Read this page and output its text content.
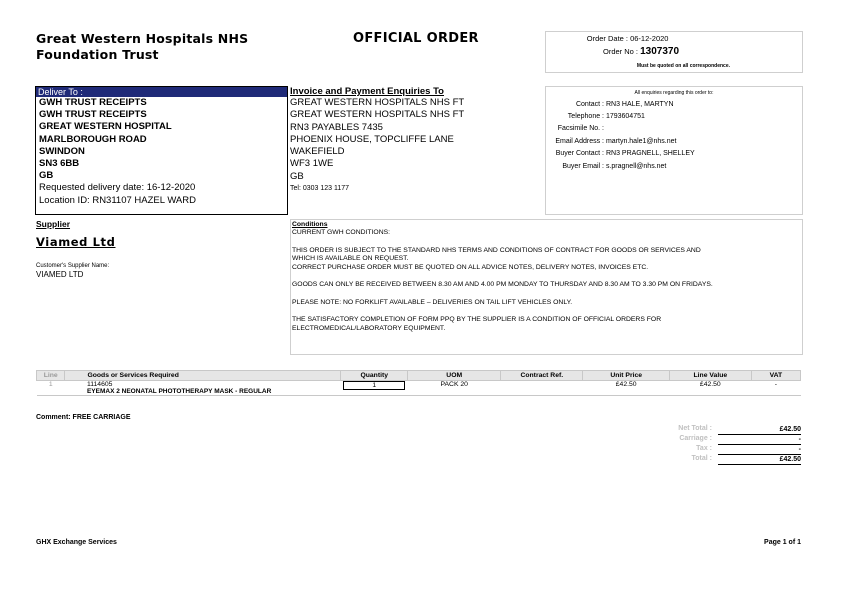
Great Western Hospitals NHS
Foundation Trust
OFFICIAL ORDER	Order Date : 06-12-2020
Order No : 1307370
Must be quoted on all correspondence.
Deliver To :
GWH TRUST RECEIPTS
GWH TRUST RECEIPTS
GREAT WESTERN HOSPITAL
MARLBOROUGH ROAD
SWINDON
SN3 6BB
GB
Requested delivery date: 16-12-2020
Location ID: RN31107 HAZEL WARD
Invoice and Payment Enquiries To
GREAT WESTERN HOSPITALS NHS FT
GREAT WESTERN HOSPITALS NHS FT
RN3 PAYABLES 7435
PHOENIX HOUSE, TOPCLIFFE LANE
WAKEFIELD
WF3 1WE
GB
Tel: 0303 123 1177
All enquiries regarding this order to:
Contact : RN3 HALE, MARTYN
Telephone : 1793604751
Facsimile No. :
Email Address : martyn.hale1@nhs.net
Buyer Contact : RN3 PRAGNELL, SHELLEY
Buyer Email : s.pragnell@nhs.net
Supplier
Viamed Ltd
Customer's Supplier Name:
VIAMED LTD
Conditions
CURRENT GWH CONDITIONS:
THIS ORDER IS SUBJECT TO THE STANDARD NHS TERMS AND CONDITIONS OF CONTRACT FOR GOODS OR SERVICES AND
WHICH IS AVAILABLE ON REQUEST.
CORRECT PURCHASE ORDER MUST BE QUOTED ON ALL ADVICE NOTES, DELIVERY NOTES, INVOICES ETC.
GOODS CAN ONLY BE RECEIVED BETWEEN 8.30 AM AND 4.00 PM MONDAY TO THURSDAY AND 8.30 AM TO 3.30 PM ON FRIDAYS.
PLEASE NOTE: NO FORKLIFT AVAILABLE – DELIVERIES ON TAIL LIFT VEHICLES ONLY.
THE SATISFACTORY COMPLETION OF FORM PPQ BY THE SUPPLIER IS A CONDITION OF OFFICIAL ORDERS FOR
ELECTROMEDICAL/LABORATORY EQUIPMENT.
Line	Goods or Services Required	Quantity	UOM	Contract Ref.	Unit Price	Line Value	VAT
1	1114605
EYEMAX 2 NEONATAL PHOTOTHERAPY MASK - REGULAR	1	PACK 20		£42.50	£42.50	-
Comment: FREE CARRIAGE
Net Total :	£42.50
Carriage :	-
Tax :	-
Total :	£42.50
GHX Exchange Services	Page 1 of 1
